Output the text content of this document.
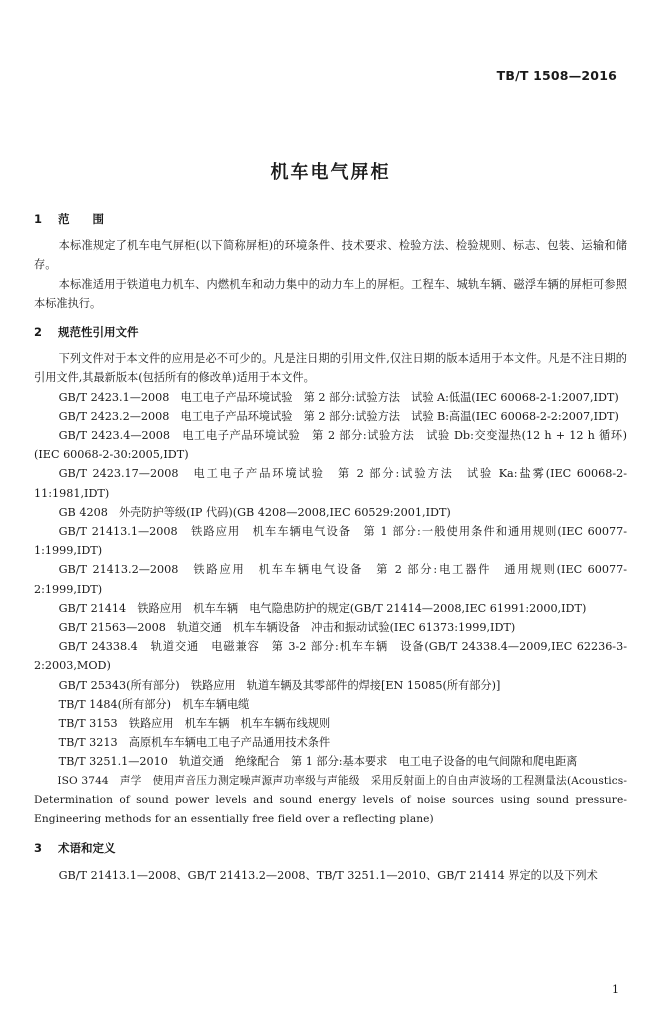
TB/T 1508—2016
机车电气屏柜
1	范　　围

本标准规定了机车电气屏柜(以下简称屏柜)的环境条件、技术要求、检验方法、检验规则、标志、包装、运输和储存。

本标准适用于铁道电力机车、内燃机车和动力集中的动力车上的屏柜。工程车、城轨车辆、磁浮车辆的屏柜可参照本标准执行。

2	规范性引用文件

下列文件对于本文件的应用是必不可少的。凡是注日期的引用文件,仅注日期的版本适用于本文件。凡是不注日期的引用文件,其最新版本(包括所有的修改单)适用于本文件。

GB/T 2423.1—2008　电工电子产品环境试验　第 2 部分:试验方法　试验 A:低温(IEC 60068-2-1:2007,IDT)

GB/T 2423.2—2008　电工电子产品环境试验　第 2 部分:试验方法　试验 B:高温(IEC 60068-2-2:2007,IDT)

GB/T 2423.4—2008　电工电子产品环境试验　第 2 部分:试验方法　试验 Db:交变湿热(12 h + 12 h 循环)(IEC 60068-2-30:2005,IDT)

GB/T 2423.17—2008　电工电子产品环境试验　第 2 部分:试验方法　试验 Ka:盐雾(IEC 60068-2-11:1981,IDT)

GB 4208　外壳防护等级(IP 代码)(GB 4208—2008,IEC 60529:2001,IDT)

GB/T 21413.1—2008　铁路应用　机车车辆电气设备　第 1 部分:一般使用条件和通用规则(IEC 60077-1:1999,IDT)

GB/T 21413.2—2008　铁路应用　机车车辆电气设备　第 2 部分:电工器件　通用规则(IEC 60077-2:1999,IDT)

GB/T 21414　铁路应用　机车车辆　电气隐患防护的规定(GB/T 21414—2008,IEC 61991:2000,IDT)

GB/T 21563—2008　轨道交通　机车车辆设备　冲击和振动试验(IEC 61373:1999,IDT)

GB/T 24338.4　轨道交通　电磁兼容　第 3-2 部分:机车车辆　设备(GB/T 24338.4—2009,IEC 62236-3-2:2003,MOD)

GB/T 25343(所有部分)　铁路应用　轨道车辆及其零部件的焊接[EN 15085(所有部分)]

TB/T 1484(所有部分)　机车车辆电缆

TB/T 3153　铁路应用　机车车辆　机车车辆布线规则

TB/T 3213　高原机车车辆电工电子产品通用技术条件

TB/T 3251.1—2010　轨道交通　绝缘配合　第 1 部分:基本要求　电工电子设备的电气间隙和爬电距离

ISO 3744　声学　使用声音压力测定噪声源声功率级与声能级　采用反射面上的自由声波场的工程测量法(Acoustics-Determination of sound power levels and sound energy levels of noise sources using sound pressure-Engineering methods for an essentially free field over a reflecting plane)

3	术语和定义

GB/T 21413.1—2008、GB/T 21413.2—2008、TB/T 3251.1—2010、GB/T 21414 界定的以及下列术

1
